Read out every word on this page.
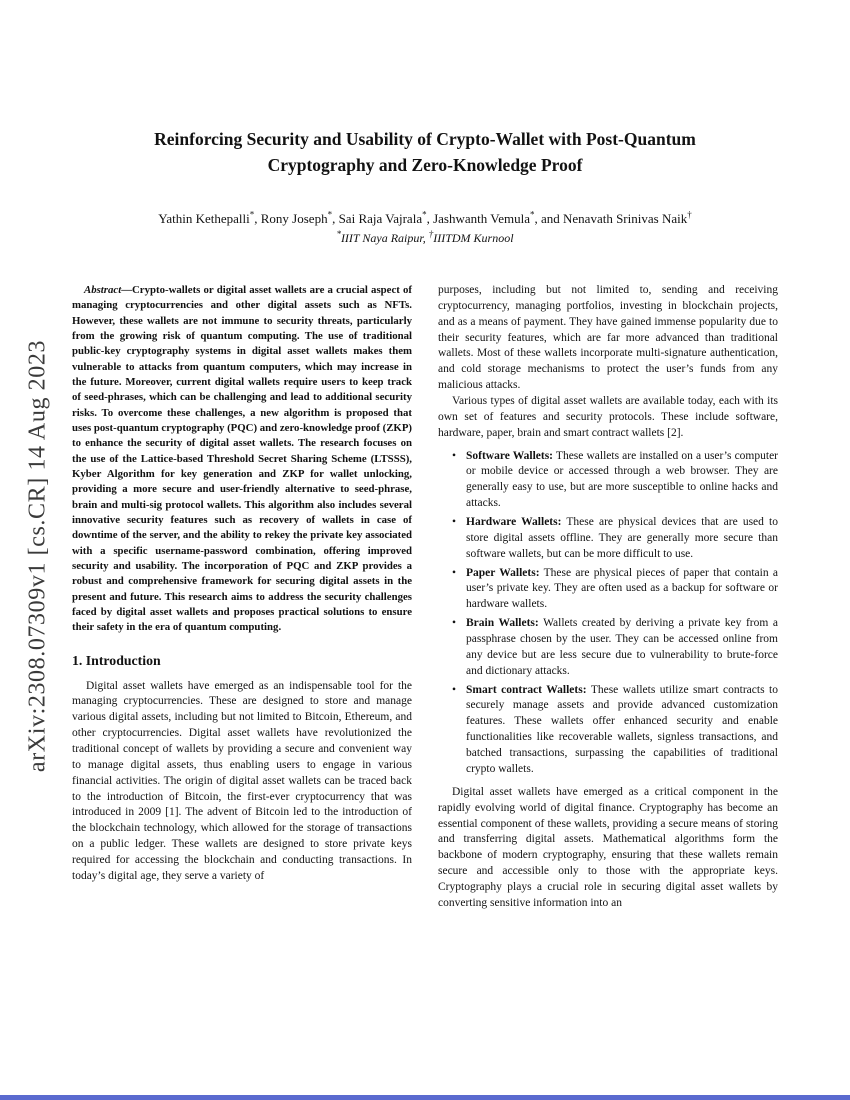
arXiv:2308.07309v1 [cs.CR] 14 Aug 2023
Reinforcing Security and Usability of Crypto-Wallet with Post-Quantum Cryptography and Zero-Knowledge Proof
Yathin Kethepalli*, Rony Joseph*, Sai Raja Vajrala*, Jashwanth Vemula*, and Nenavath Srinivas Naik†
*IIIT Naya Raipur, †IIITDM Kurnool

Abstract—Crypto-wallets or digital asset wallets are a crucial aspect of managing cryptocurrencies and other digital assets such as NFTs. However, these wallets are not immune to security threats, particularly from the growing risk of quantum computing. The use of traditional public-key cryptography systems in digital asset wallets makes them vulnerable to attacks from quantum computers, which may increase in the future. Moreover, current digital wallets require users to keep track of seed-phrases, which can be challenging and lead to additional security risks. To overcome these challenges, a new algorithm is proposed that uses post-quantum cryptography (PQC) and zero-knowledge proof (ZKP) to enhance the security of digital asset wallets. The research focuses on the use of the Lattice-based Threshold Secret Sharing Scheme (LTSSS), Kyber Algorithm for key generation and ZKP for wallet unlocking, providing a more secure and user-friendly alternative to seed-phrase, brain and multi-sig protocol wallets. This algorithm also includes several innovative security features such as recovery of wallets in case of downtime of the server, and the ability to rekey the private key associated with a specific username-password combination, offering improved security and usability. The incorporation of PQC and ZKP provides a robust and comprehensive framework for securing digital assets in the present and future. This research aims to address the security challenges faced by digital asset wallets and proposes practical solutions to ensure their safety in the era of quantum computing.

1. Introduction

Digital asset wallets have emerged as an indispensable tool for the managing cryptocurrencies. These are designed to store and manage various digital assets, including but not limited to Bitcoin, Ethereum, and other cryptocurrencies. Digital asset wallets have revolutionized the traditional concept of wallets by providing a secure and convenient way to manage digital assets, thus enabling users to engage in various financial activities. The origin of digital asset wallets can be traced back to the introduction of Bitcoin, the first-ever cryptocurrency that was introduced in 2009 [1]. The advent of Bitcoin led to the introduction of the blockchain technology, which allowed for the storage of transactions on a public ledger. These wallets are designed to store private keys required for accessing the blockchain and conducting transactions. In today’s digital age, they serve a variety of

purposes, including but not limited to, sending and receiving cryptocurrency, managing portfolios, investing in blockchain projects, and as a means of payment. They have gained immense popularity due to their security features, which are far more advanced than traditional wallets. Most of these wallets incorporate multi-signature authentication, and cold storage mechanisms to protect the user’s funds from any malicious attacks.

Various types of digital asset wallets are available today, each with its own set of features and security protocols. These include software, hardware, paper, brain and smart contract wallets [2].

• Software Wallets: These wallets are installed on a user’s computer or mobile device or accessed through a web browser. They are generally easy to use, but are more susceptible to online hacks and attacks.
• Hardware Wallets: These are physical devices that are used to store digital assets offline. They are generally more secure than software wallets, but can be more difficult to use.
• Paper Wallets: These are physical pieces of paper that contain a user’s private key. They are often used as a backup for software or hardware wallets.
• Brain Wallets: Wallets created by deriving a private key from a passphrase chosen by the user. They can be accessed online from any device but are less secure due to vulnerability to brute-force and dictionary attacks.
• Smart contract Wallets: These wallets utilize smart contracts to securely manage assets and provide advanced customization features. These wallets offer enhanced security and enable functionalities like recoverable wallets, signless transactions, and batched transactions, surpassing the capabilities of traditional crypto wallets.

Digital asset wallets have emerged as a critical component in the rapidly evolving world of digital finance. Cryptography has become an essential component of these wallets, providing a secure means of storing and transferring digital assets. Mathematical algorithms form the backbone of modern cryptography, ensuring that these wallets remain secure and accessible only to those with the appropriate keys. Cryptography plays a crucial role in securing digital asset wallets by converting sensitive information into an
